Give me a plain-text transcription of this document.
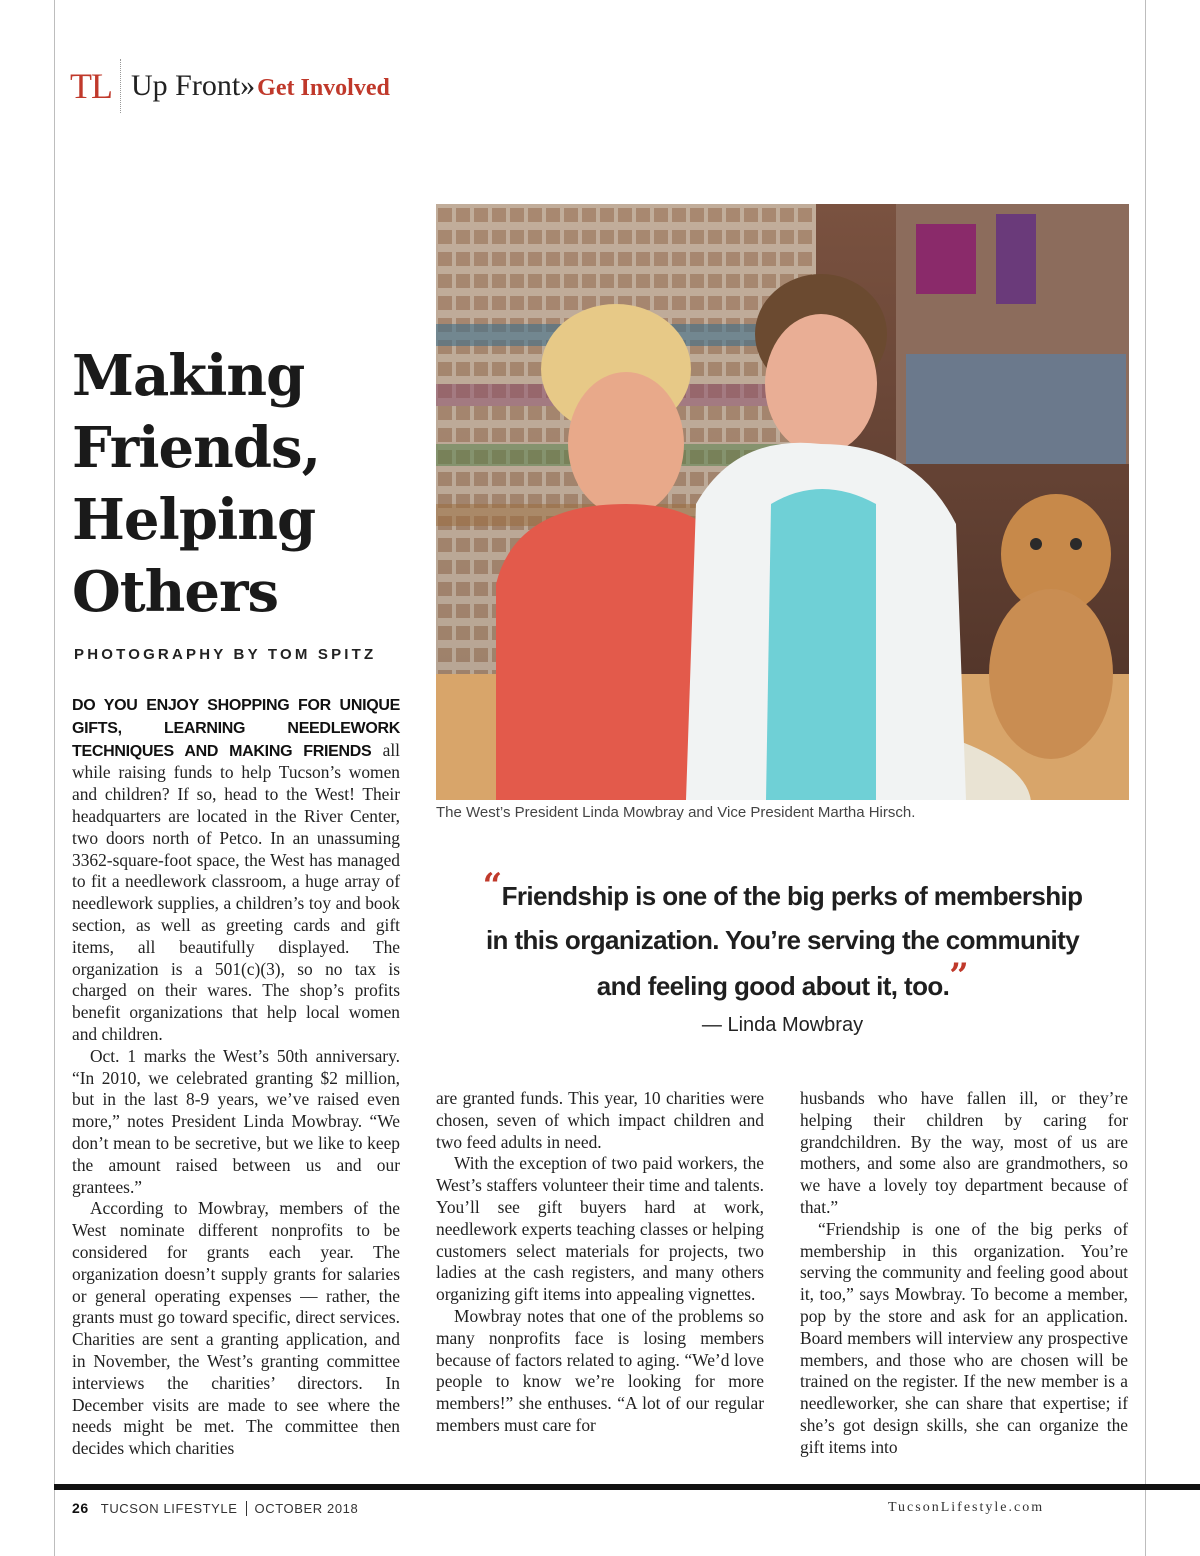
TL Up Front» Get Involved
Making
Friends,
Helping
Others
PHOTOGRAPHY BY TOM SPITZ
The West’s President Linda Mowbray and Vice President Martha Hirsch.
“Friendship is one of the big perks of membership
in this organization. You’re serving the community
and feeling good about it, too.”
— Linda Mowbray

DO YOU ENJOY SHOPPING FOR UNIQUE GIFTS, LEARNING NEEDLEWORK TECHNIQUES AND MAKING FRIENDS all while raising funds to help Tucson’s women and children? If so, head to the West! Their headquarters are located in the River Center, two doors north of Petco. In an unassuming 3362-square-foot space, the West has managed to fit a needlework classroom, a huge array of needlework supplies, a children’s toy and book section, as well as greeting cards and gift items, all beautifully displayed. The organization is a 501(c)(3), so no tax is charged on their wares. The shop’s profits benefit organizations that help local women and children.

Oct. 1 marks the West’s 50th anniversary. “In 2010, we celebrated granting $2 million, but in the last 8-9 years, we’ve raised even more,” notes President Linda Mowbray. “We don’t mean to be secretive, but we like to keep the amount raised between us and our grantees.”

According to Mowbray, members of the West nominate different nonprofits to be considered for grants each year. The organization doesn’t supply grants for salaries or general operating expenses — rather, the grants must go toward specific, direct services. Charities are sent a granting application, and in November, the West’s granting committee interviews the charities’ directors. In December visits are made to see where the needs might be met. The committee then decides which charities

are granted funds. This year, 10 charities were chosen, seven of which impact children and two feed adults in need.

With the exception of two paid workers, the West’s staffers volunteer their time and talents. You’ll see gift buyers hard at work, needlework experts teaching classes or helping customers select materials for projects, two ladies at the cash registers, and many others organizing gift items into appealing vignettes.

Mowbray notes that one of the problems so many nonprofits face is losing members because of factors related to aging. “We’d love people to know we’re looking for more members!” she enthuses. “A lot of our regular members must care for

husbands who have fallen ill, or they’re helping their children by caring for grandchildren. By the way, most of us are mothers, and some also are grandmothers, so we have a lovely toy department because of that.”

“Friendship is one of the big perks of membership in this organization. You’re serving the community and feeling good about it, too,” says Mowbray. To become a member, pop by the store and ask for an application. Board members will interview any prospective members, and those who are chosen will be trained on the register. If the new member is a needleworker, she can share that expertise; if she’s got design skills, she can organize the gift items into

26 TUCSON LIFESTYLE OCTOBER 2018	TucsonLifestyle.com
